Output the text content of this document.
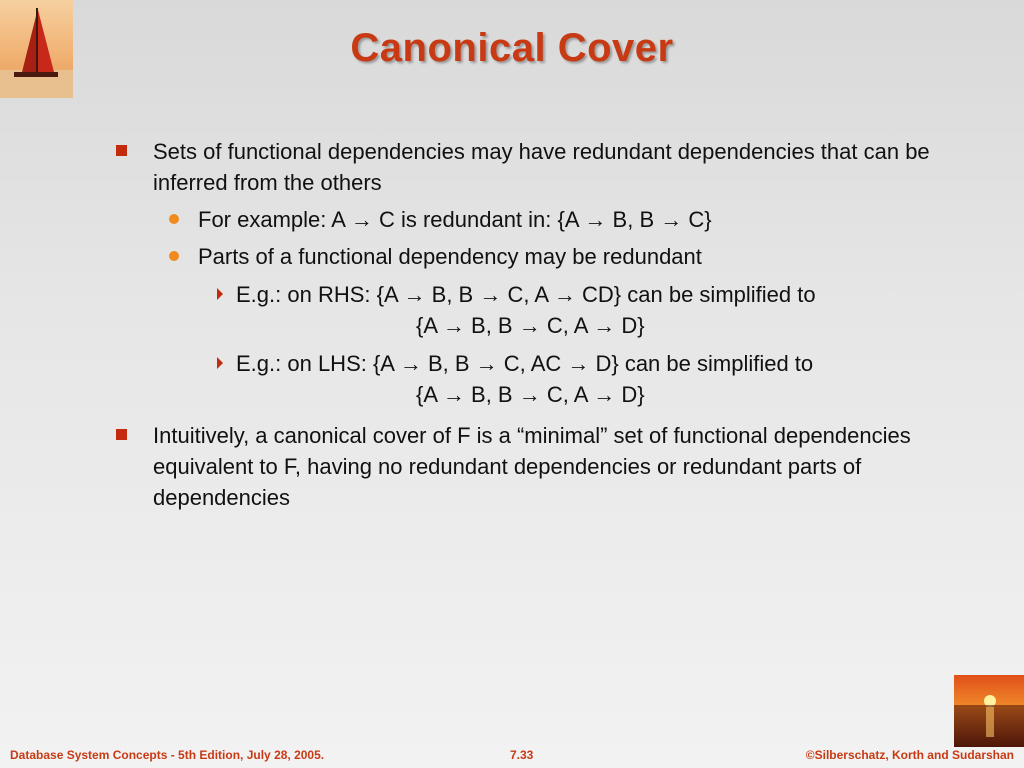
Canonical Cover
Sets of functional dependencies may have redundant dependencies that can be inferred from the others
For example: A → C is redundant in: {A → B, B → C}
Parts of a functional dependency may be redundant
E.g.: on RHS: {A → B, B → C, A → CD} can be simplified to
{A → B, B → C, A → D}
E.g.: on LHS: {A → B, B → C, AC → D} can be simplified to
{A → B, B → C, A → D}
Intuitively, a canonical cover of F is a “minimal” set of functional dependencies equivalent to F, having no redundant dependencies or redundant parts of dependencies
Database System Concepts - 5th Edition, July 28, 2005.	7.33	©Silberschatz, Korth and Sudarshan
